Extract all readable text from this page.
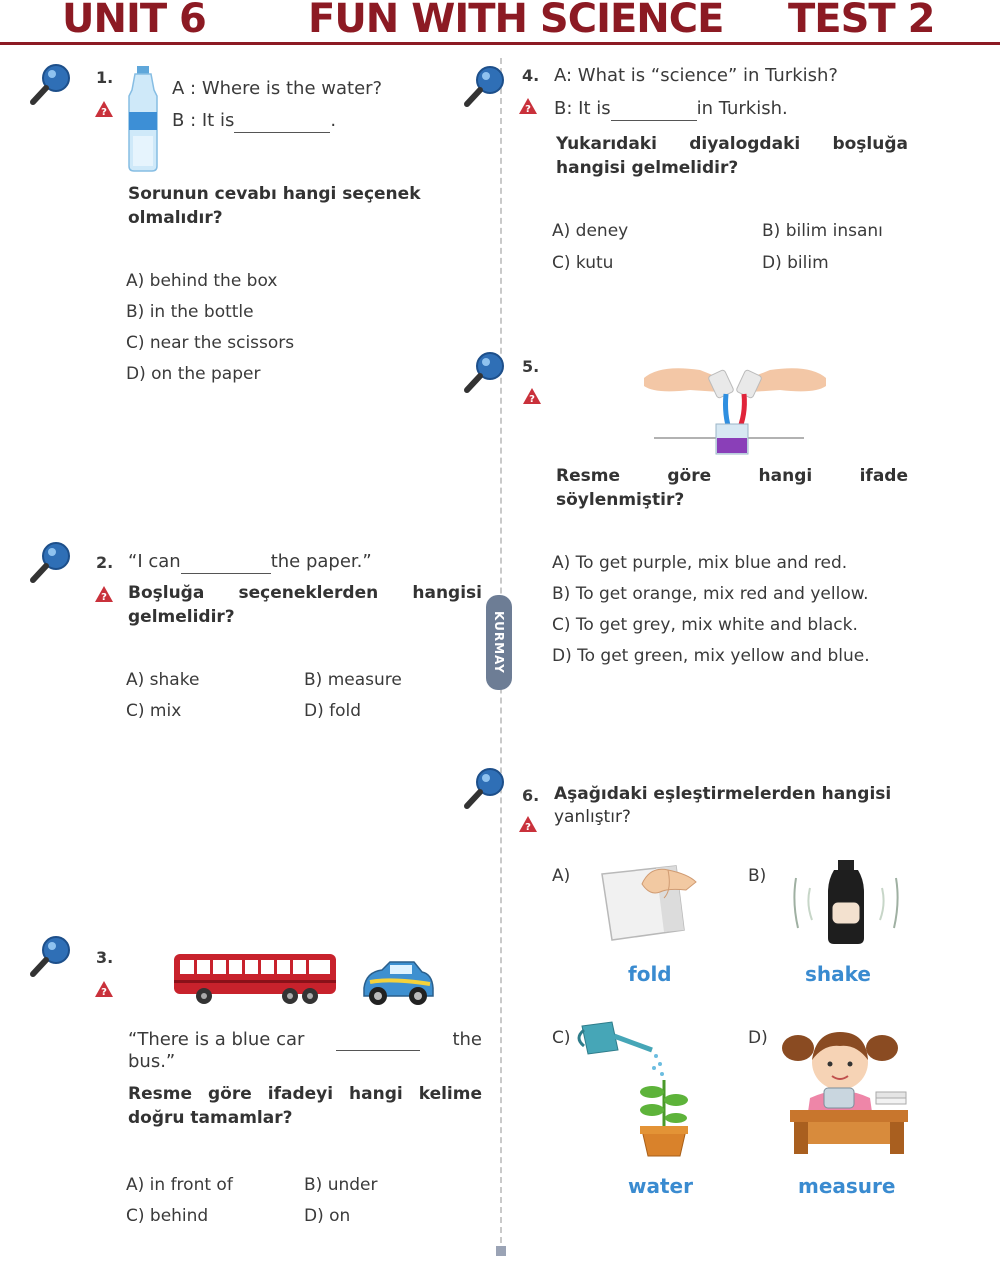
UNIT 6	FUN WITH SCIENCE TEST 2
KURMAY
1.
A : Where is the water?
B : It is	.
Sorunun cevabı hangi seçenek olmalıdır?
A) behind the box
B) in the bottle
C) near the scissors
D) on the paper
2. “I can	the paper.”
Boşluğa seçeneklerden hangisi gelmelidir?
A) shake	B) measure
C) mix	D) fold
3.
“There is a blue car
	the
bus.”
Resme göre ifadeyi hangi kelime doğru tamamlar?
A) in front of	B) under
C) behind	D) on
4. A: What is “science” in Turkish?
B: It is	in Turkish.
Yukarıdaki diyalogdaki boşluğa hangisi gelmelidir?
A) deney	B) bilim insanı
C) kutu	D) bilim
5.
Resme göre hangi ifade söylenmiştir?
A) To get purple, mix blue and red.
B) To get orange, mix red and yellow.
C) To get grey, mix white and black.
D) To get green, mix yellow and blue.
6. Aşağıdaki eşleştirmelerden hangisi
yanlıştır?
A)
fold
B)
shake
C)
water
D)
measure
